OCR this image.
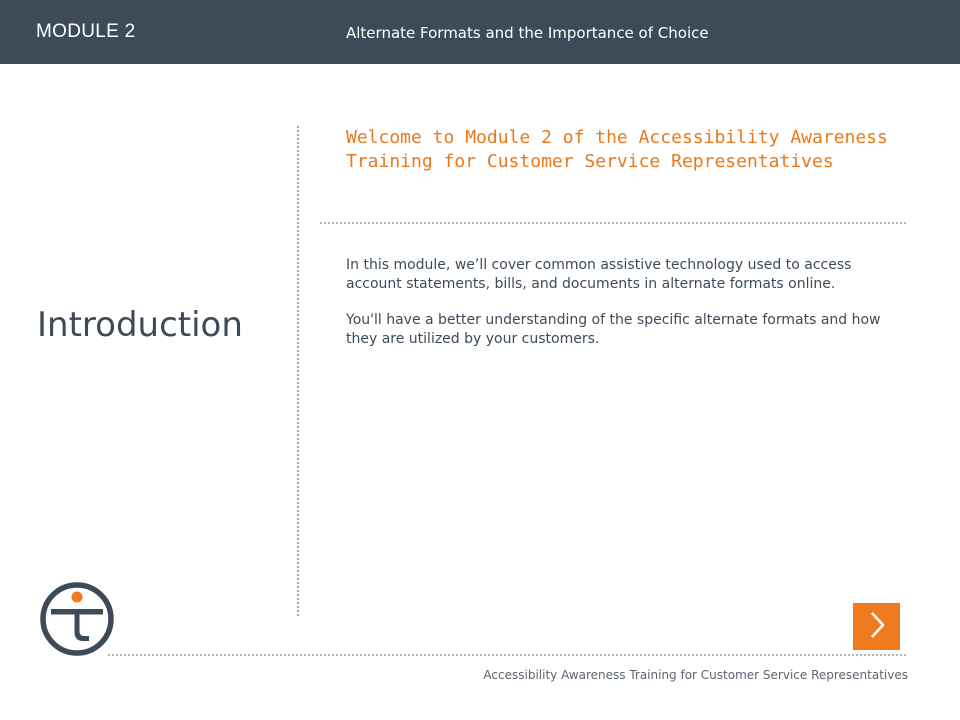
MODULE 2	Alternate Formats and the Importance of Choice
Introduction
Welcome to Module 2 of the Accessibility Awareness Training for Customer Service Representatives

In this module, we’ll cover common assistive technology used to access account statements, bills, and documents in alternate formats online.

You'll have a better understanding of the specific alternate formats and how they are utilized by your customers.

Accessibility Awareness Training for Customer Service Representatives
